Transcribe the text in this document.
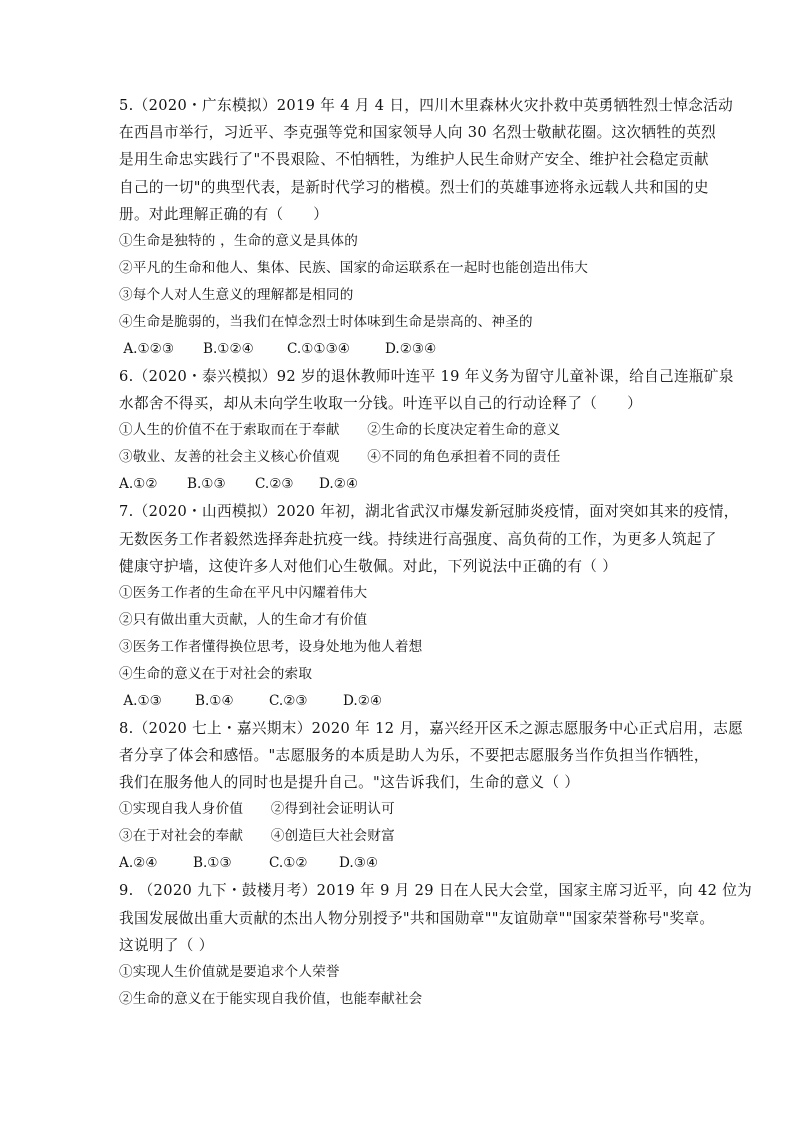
5.（2020・广东模拟）2019 年 4 月 4 日，四川木里森林火灾扑救中英勇牺牲烈士悼念活动
在西昌市举行，习近平、李克强等党和国家领导人向 30 名烈士敬献花圈。这次牺牲的英烈
是用生命忠实践行了"不畏艰险、不怕牺牲，为维护人民生命财产安全、维护社会稳定贡献
自己的一切"的典型代表，是新时代学习的楷模。烈士们的英雄事迹将永远载人共和国的史
册。对此理解正确的有（　　）
①生命是独特的 ，生命的意义是具体的
②平凡的生命和他人、集体、民族、国家的命运联系在一起时也能创造出伟大
③每个人对人生意义的理解都是相同的
④生命是脆弱的，当我们在悼念烈士时体味到生命是崇高的、神圣的
A.①②③	B.①②④	C.①①③④	D.②③④
6.（2020・泰兴模拟）92 岁的退休教师叶连平 19 年义务为留守儿童补课，给自己连瓶矿泉
水都舍不得买，却从未向学生收取一分钱。叶连平以自己的行动诠释了（　　）
①人生的价值不在于索取而在于奉献　　②生命的长度决定着生命的意义
③敬业、友善的社会主义核心价值观　　④不同的角色承担着不同的责任
A.①②	B.①③	C.②③	D.②④
7.（2020・山西模拟）2020 年初，湖北省武汉市爆发新冠肺炎疫情，面对突如其来的疫情，
无数医务工作者毅然选择奔赴抗疫一线。持续进行高强度、高负荷的工作，为更多人筑起了
健康守护墙，这使许多人对他们心生敬佩。对此，下列说法中正确的有（ ）
①医务工作者的生命在平凡中闪耀着伟大
②只有做出重大贡献，人的生命才有价值
③医务工作者懂得换位思考，设身处地为他人着想
④生命的意义在于对社会的索取
A.①③	B.①④	C.②③	D.②④
8.（2020 七上・嘉兴期末）2020 年 12 月，嘉兴经开区禾之源志愿服务中心正式启用，志愿
者分享了体会和感悟。"志愿服务的本质是助人为乐，不要把志愿服务当作负担当作牺牲，
我们在服务他人的同时也是提升自己。"这告诉我们，生命的意义（ ）
①实现自我人身价值　　②得到社会证明认可
③在于对社会的奉献　　④创造巨大社会财富
A.②④	B.①③	C.①②	D.③④
9. （2020 九下・鼓楼月考）2019 年 9 月 29 日在人民大会堂，国家主席习近平，向 42 位为
我国发展做出重大贡献的杰出人物分别授予"共和国勋章""友谊勋章""国家荣誉称号"奖章。
这说明了（ ）
①实现人生价值就是要追求个人荣誉
②生命的意义在于能实现自我价值，也能奉献社会
